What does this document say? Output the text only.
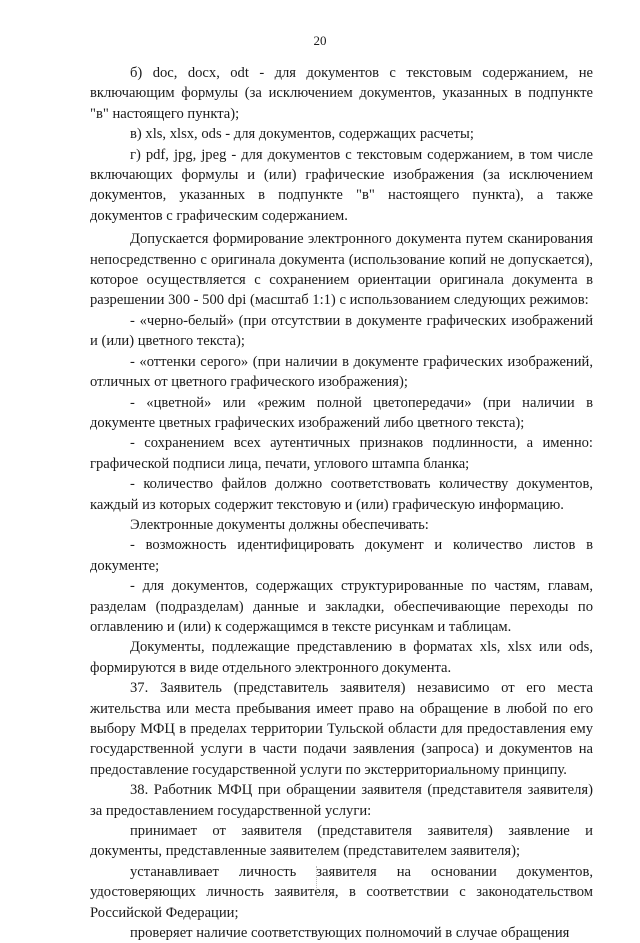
20

б) doc, docx, odt - для документов с текстовым содержанием, не включающим формулы (за исключением документов, указанных в подпункте "в" настоящего пункта);

в) xls, xlsx, ods - для документов, содержащих расчеты;

г) pdf, jpg, jpeg - для документов с текстовым содержанием, в том числе включающих формулы и (или) графические изображения (за исключением документов, указанных в подпункте "в" настоящего пункта), а также документов с графическим содержанием.

Допускается формирование электронного документа путем сканирования непосредственно с оригинала документа (использование копий не допускается), которое осуществляется с сохранением ориентации оригинала документа в разрешении 300 - 500 dpi (масштаб 1:1) с использованием следующих режимов:

- «черно-белый» (при отсутствии в документе графических изображений и (или) цветного текста);

- «оттенки серого» (при наличии в документе графических изображений, отличных от цветного графического изображения);

- «цветной» или «режим полной цветопередачи» (при наличии в документе цветных графических изображений либо цветного текста);

- сохранением всех аутентичных признаков подлинности, а именно: графической подписи лица, печати, углового штампа бланка;

- количество файлов должно соответствовать количеству документов, каждый из которых содержит текстовую и (или) графическую информацию.

Электронные документы должны обеспечивать:

- возможность идентифицировать документ и количество листов в документе;

- для документов, содержащих структурированные по частям, главам, разделам (подразделам) данные и закладки, обеспечивающие переходы по оглавлению и (или) к содержащимся в тексте рисункам и таблицам.

Документы, подлежащие представлению в форматах xls, xlsx или ods, формируются в виде отдельного электронного документа.

37. Заявитель (представитель заявителя) независимо от его места жительства или места пребывания имеет право на обращение в любой по его выбору МФЦ в пределах территории Тульской области для предоставления ему государственной услуги в части подачи заявления (запроса) и документов на предоставление государственной услуги по экстерриториальному принципу.

38. Работник МФЦ при обращении заявителя (представителя заявителя) за предоставлением государственной услуги:

принимает от заявителя (представителя заявителя) заявление и документы, представленные заявителем (представителем заявителя);

устанавливает личность заявителя на основании документов, удостоверяющих личность заявителя, в соответствии с законодательством Российской Федерации;

проверяет наличие соответствующих полномочий в случае обращения
